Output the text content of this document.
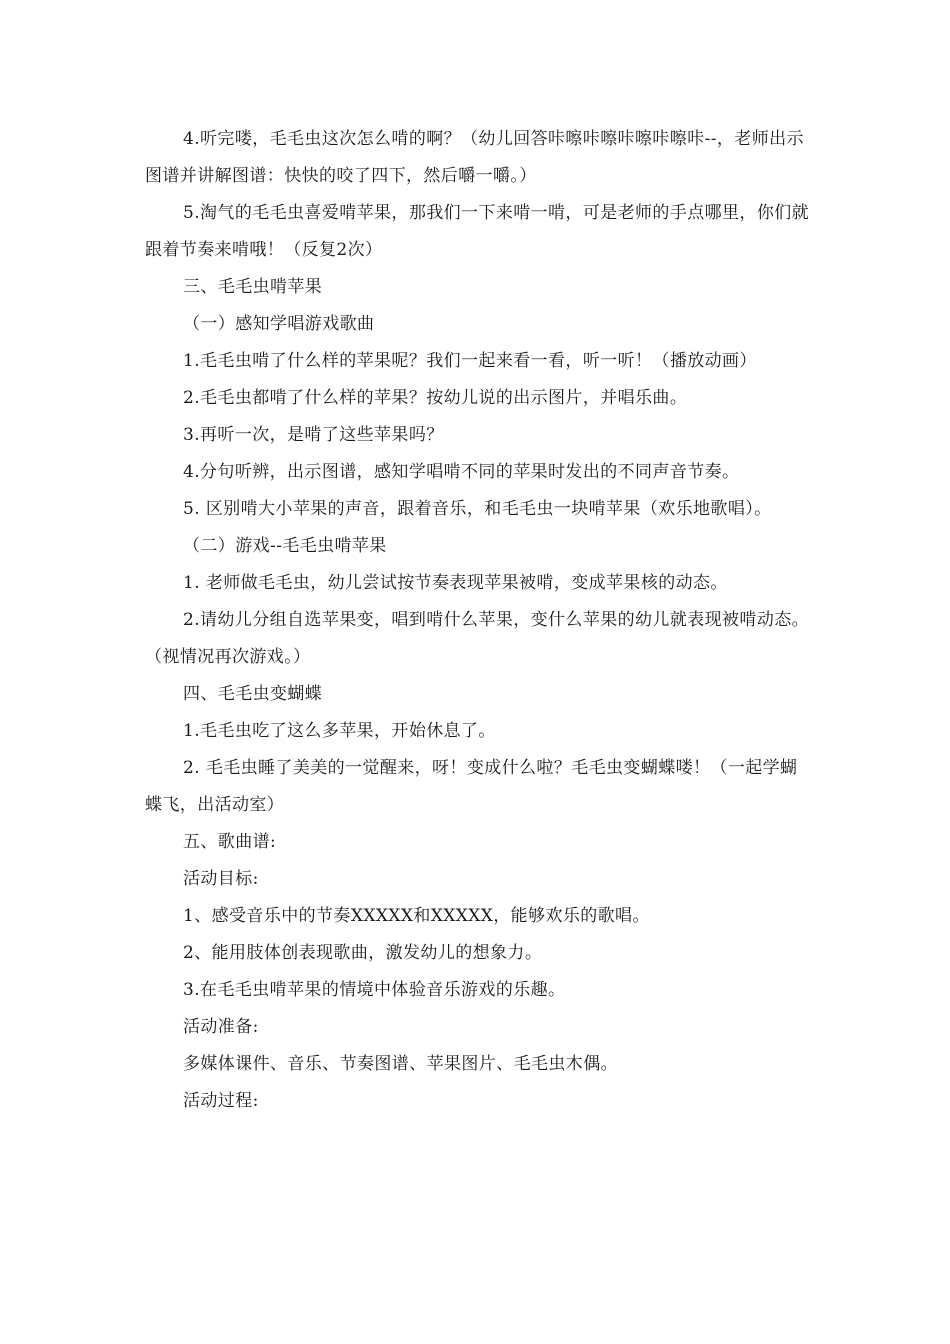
4.听完喽，毛毛虫这次怎么啃的啊？（幼儿回答咔嚓咔嚓咔嚓咔嚓咔--，老师出示图谱并讲解图谱：快快的咬了四下，然后嚼一嚼。）

5.淘气的毛毛虫喜爱啃苹果，那我们一下来啃一啃，可是老师的手点哪里，你们就跟着节奏来啃哦！（反复2次）

三、毛毛虫啃苹果

（一）感知学唱游戏歌曲

1.毛毛虫啃了什么样的苹果呢？我们一起来看一看，听一听！（播放动画）

2.毛毛虫都啃了什么样的苹果？按幼儿说的出示图片，并唱乐曲。

3.再听一次，是啃了这些苹果吗？

4.分句听辨，出示图谱，感知学唱啃不同的苹果时发出的不同声音节奏。

5. 区别啃大小苹果的声音，跟着音乐，和毛毛虫一块啃苹果（欢乐地歌唱）。

（二）游戏--毛毛虫啃苹果

1. 老师做毛毛虫，幼儿尝试按节奏表现苹果被啃，变成苹果核的动态。

2.请幼儿分组自选苹果变，唱到啃什么苹果，变什么苹果的幼儿就表现被啃动态。（视情况再次游戏。）

四、毛毛虫变蝴蝶

1.毛毛虫吃了这么多苹果，开始休息了。

2. 毛毛虫睡了美美的一觉醒来，呀！变成什么啦？毛毛虫变蝴蝶喽！（一起学蝴蝶飞，出活动室）

五、歌曲谱:

活动目标:

1、感受音乐中的节奏XXXXX和XXXXX，能够欢乐的歌唱。

2、能用肢体创表现歌曲，激发幼儿的想象力。

3.在毛毛虫啃苹果的情境中体验音乐游戏的乐趣。

活动准备:

多媒体课件、音乐、节奏图谱、苹果图片、毛毛虫木偶。

活动过程:
